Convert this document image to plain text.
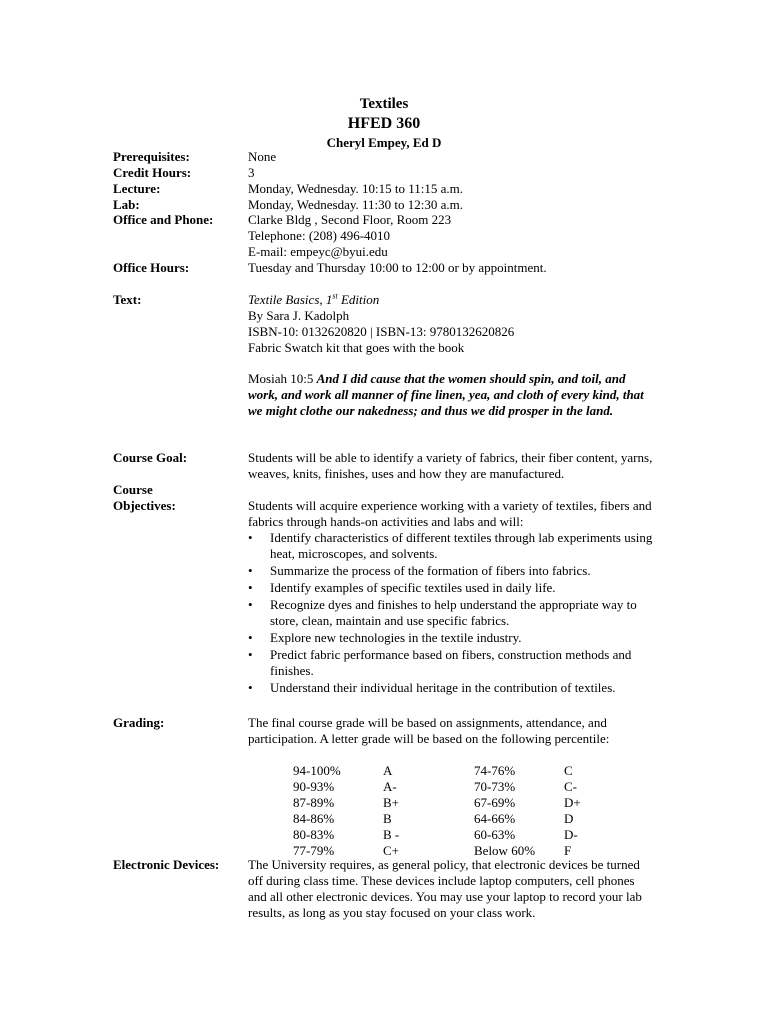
Textiles
HFED 360
Cheryl Empey, Ed D
Prerequisites:	None
Credit Hours:	3
Lecture:	Monday, Wednesday. 10:15 to 11:15 a.m.
Lab:	Monday, Wednesday. 11:30 to 12:30 a.m.
Office and Phone:	Clarke Bldg , Second Floor, Room 223
Telephone: (208) 496-4010
E-mail: empeyc@byui.edu
Office Hours:	Tuesday and Thursday 10:00 to 12:00 or by appointment.
Text:	Textile Basics, 1st Edition
By Sara J. Kadolph
ISBN-10: 0132620820 | ISBN-13: 9780132620826
Fabric Swatch kit that goes with the book
Mosiah 10:5 And I did cause that the women should spin, and toil, and work, and work all manner of fine linen, yea, and cloth of every kind, that we might clothe our nakedness; and thus we did prosper in the land.
Course Goal:	Students will be able to identify a variety of fabrics, their fiber content, yarns, weaves, knits, finishes, uses and how they are manufactured.
Course
Objectives:	Students will acquire experience working with a variety of textiles, fibers and fabrics through hands-on activities and labs and will:
• Identify characteristics of different textiles through lab experiments using heat, microscopes, and solvents.
• Summarize the process of the formation of fibers into fabrics.
• Identify examples of specific textiles used in daily life.
• Recognize dyes and finishes to help understand the appropriate way to store, clean, maintain and use specific fabrics.
• Explore new technologies in the textile industry.
• Predict fabric performance based on fibers, construction methods and finishes.
• Understand their individual heritage in the contribution of textiles.
Grading:	The final course grade will be based on assignments, attendance, and participation. A letter grade will be based on the following percentile:
94-100%	A	74-76%	C
90-93%	A-	70-73%	C-
87-89%	B+	67-69%	D+
84-86%	B	64-66%	D
80-83%	B -	60-63%	D-
77-79%	C+	Below 60% F
Electronic Devices:	The University requires, as general policy, that electronic devices be turned off during class time. These devices include laptop computers, cell phones and all other electronic devices. You may use your laptop to record your lab results, as long as you stay focused on your class work.
